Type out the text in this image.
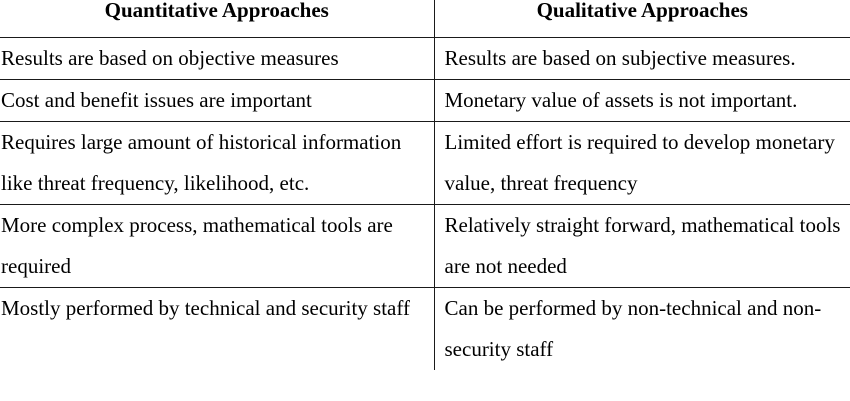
Quantitative Approaches	Qualitative Approaches
Results are based on objective measures	Results are based on subjective measures.
Cost and benefit issues are important	Monetary value of assets is not important.
Requires large amount of historical information like threat frequency, likelihood, etc.	Limited effort is required to develop monetary value, threat frequency
More complex process, mathematical tools are required	Relatively straight forward, mathematical tools are not needed
Mostly performed by technical and security staff	Can be performed by non-technical and non-security staff
